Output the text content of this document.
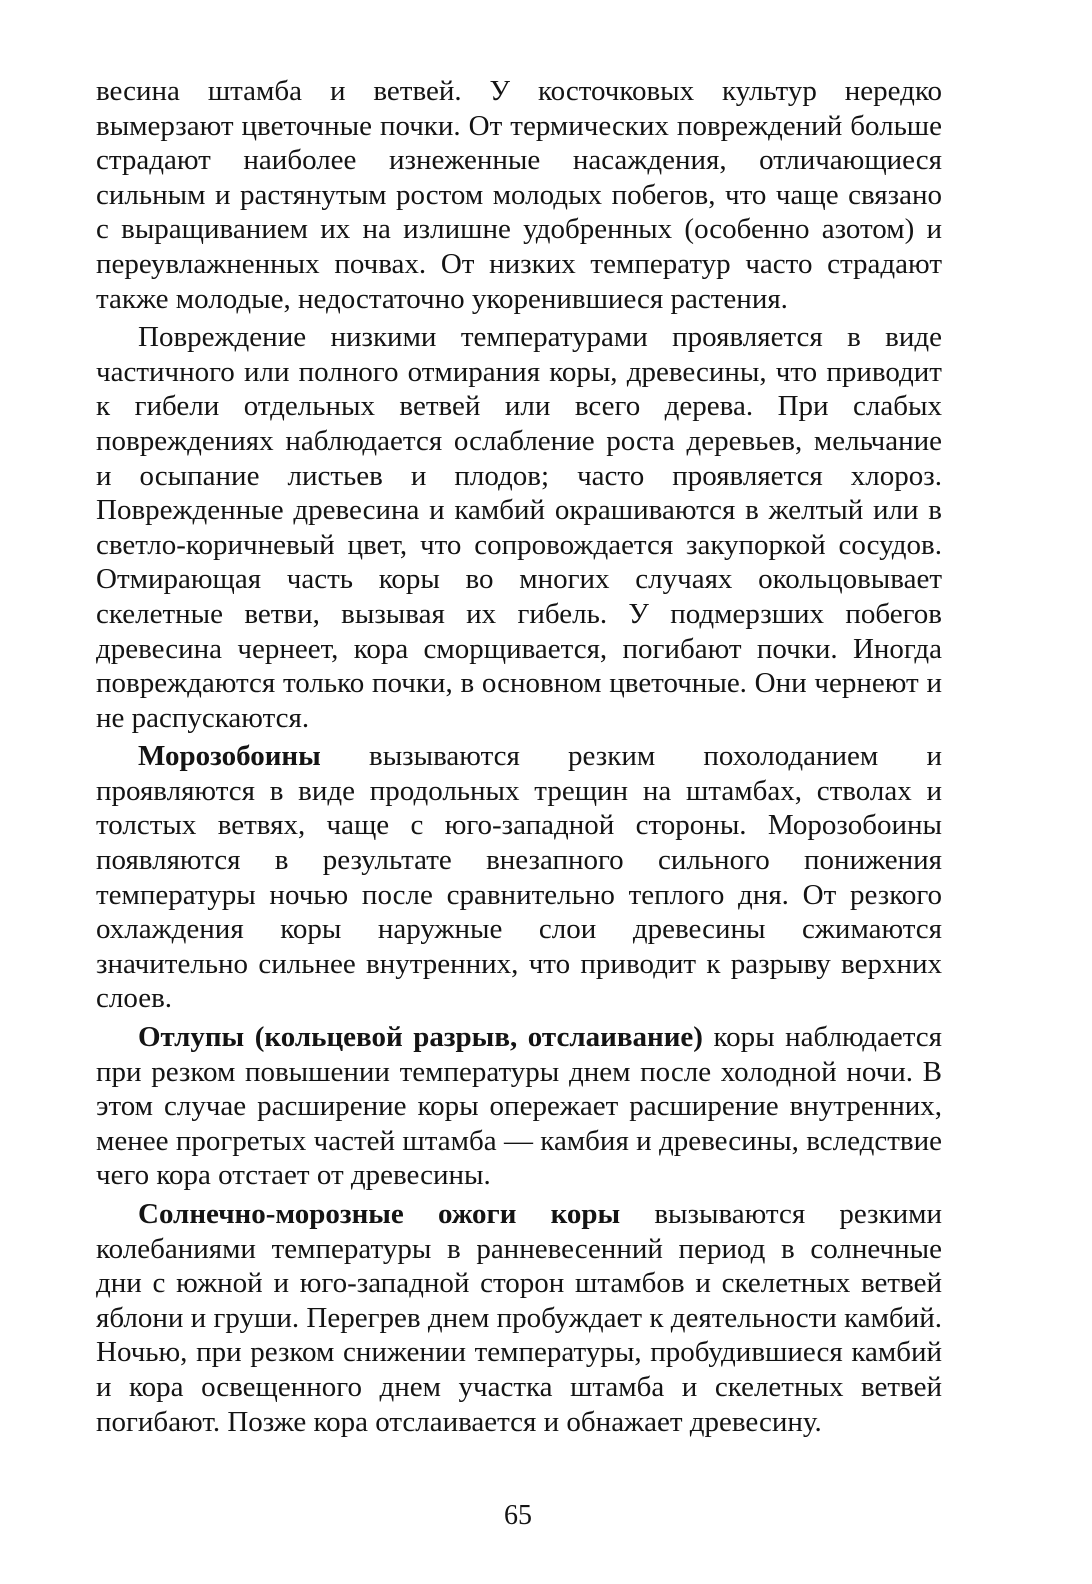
весина штамба и ветвей. У косточковых культур нередко вымерзают цветочные почки. От термических повреждений больше страдают наиболее изнеженные насаждения, отличающиеся сильным и растянутым ростом молодых побегов, что чаще связано с выращиванием их на излишне удобренных (особенно азотом) и переувлажненных почвах. От низких температур часто страдают также молодые, недостаточно укоренившиеся растения.

Повреждение низкими температурами проявляется в виде частичного или полного отмирания коры, древесины, что приводит к гибели отдельных ветвей или всего дерева. При слабых повреждениях наблюдается ослабление роста деревьев, мельчание и осыпание листьев и плодов; часто проявляется хлороз. Поврежденные древесина и камбий окрашиваются в желтый или в светло-коричневый цвет, что сопровождается закупоркой сосудов. Отмирающая часть коры во многих случаях окольцовывает скелетные ветви, вызывая их гибель. У подмерзших побегов древесина чернеет, кора сморщивается, погибают почки. Иногда повреждаются только почки, в основном цветочные. Они чернеют и не распускаются.

Морозобоины вызываются резким похолоданием и проявляются в виде продольных трещин на штамбах, стволах и толстых ветвях, чаще с юго-западной стороны. Морозобоины появляются в результате внезапного сильного понижения температуры ночью после сравнительно теплого дня. От резкого охлаждения коры наружные слои древесины сжимаются значительно сильнее внутренних, что приводит к разрыву верхних слоев.

Отлупы (кольцевой разрыв, отслаивание) коры наблюдается при резком повышении температуры днем после холодной ночи. В этом случае расширение коры опережает расширение внутренних, менее прогретых частей штамба — камбия и древесины, вследствие чего кора отстает от древесины.

Солнечно-морозные ожоги коры вызываются резкими колебаниями температуры в ранневесенний период в солнечные дни с южной и юго-западной сторон штамбов и скелетных ветвей яблони и груши. Перегрев днем пробуждает к деятельности камбий. Ночью, при резком снижении температуры, пробудившиеся камбий и кора освещенного днем участка штамба и скелетных ветвей погибают. Позже кора отслаивается и обнажает древесину.

65
